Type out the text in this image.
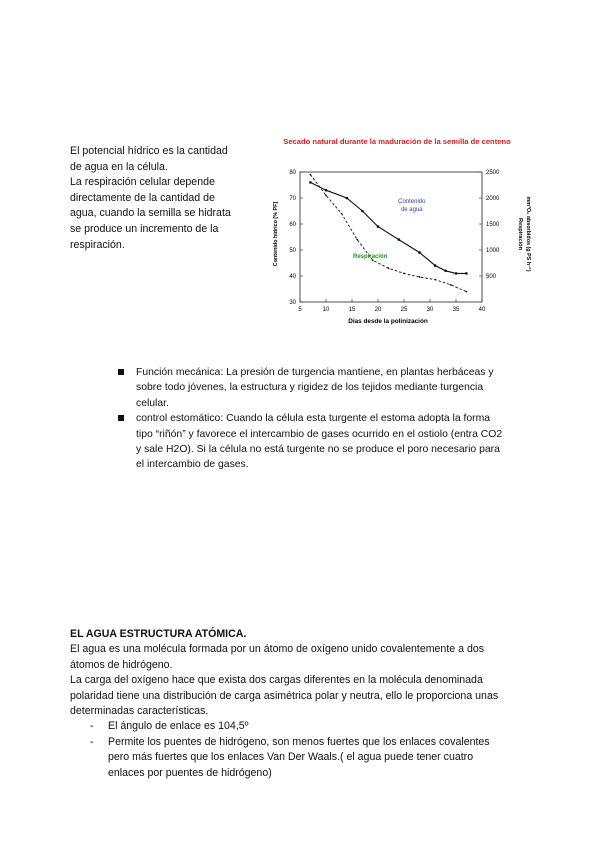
El potencial hídrico es la cantidad
de agua en la célula.
La respiración celular depende
directamente de la cantidad de
agua, cuando la semilla se hidrata
se produce un incremento de la
respiración.
Secado natural durante la maduración de la semilla de centeno
5	10	15	20	25	30	35	40
30
40
50
60
70
80
500
1000
1500
2000
2500
Contenido
de agua
Respiración
Días desde la polinización
Contenido hídrico [% PF]	Respiración mm³O₂ absorbidos (g PS h⁻¹)
Función mecánica: La presión de turgencia mantiene, en plantas herbáceas y
sobre todo jóvenes, la estructura y rigidez de los tejidos mediante turgencia
celular.
control estomático: Cuando la célula esta turgente el estoma adopta la forma
tipo “riñón” y favorece el intercambio de gases ocurrido en el ostiolo (entra CO2
y sale H2O). Si la célula no está turgente no se produce el poro necesario para
el intercambio de gases.
EL AGUA ESTRUCTURA ATÓMICA.

El agua es una molécula formada por un átomo de oxígeno unido covalentemente a dos
átomos de hidrógeno.

La carga del oxígeno hace que exista dos cargas diferentes en la molécula denominada
polaridad tiene una distribución de carga asimétrica polar y neutra, ello le proporciona unas
determinadas características.

- El ángulo de enlace es 104,5º
- Permite los puentes de hidrógeno, son menos fuertes que los enlaces covalentes
pero más fuertes que los enlaces Van Der Waals.( el agua puede tener cuatro
enlaces por puentes de hidrógeno)
